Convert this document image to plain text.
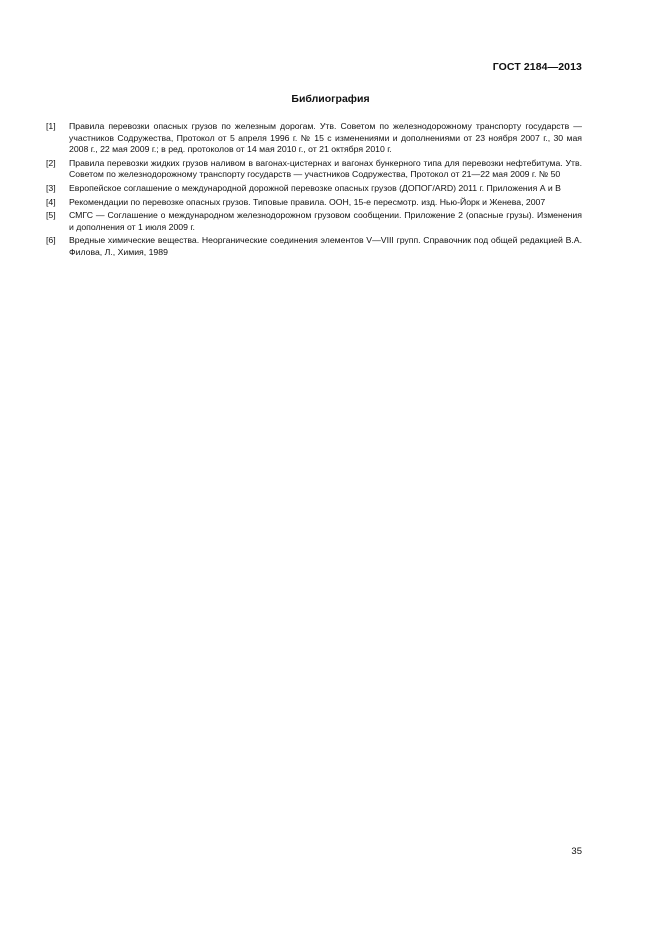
ГОСТ 2184—2013
Библиография
[1]	Правила перевозки опасных грузов по железным дорогам. Утв. Советом по железнодорожному транспорту государств — участников Содружества, Протокол от 5 апреля 1996 г. № 15 с изменениями и дополнениями от 23 ноября 2007 г., 30 мая 2008 г., 22 мая 2009 г.; в ред. протоколов от 14 мая 2010 г., от 21 октября 2010 г.
[2]	Правила перевозки жидких грузов наливом в вагонах-цистернах и вагонах бункерного типа для перевозки нефтебитума. Утв. Советом по железнодорожному транспорту государств — участников Содружества, Протокол от 21—22 мая 2009 г. № 50
[3]	Европейское соглашение о международной дорожной перевозке опасных грузов (ДОПОГ/ARD) 2011 г. Приложения А и В
[4]	Рекомендации по перевозке опасных грузов. Типовые правила. ООН, 15-е пересмотр. изд. Нью-Йорк и Женева, 2007
[5]	СМГС — Соглашение о международном железнодорожном грузовом сообщении. Приложение 2 (опасные грузы). Изменения и дополнения от 1 июля 2009 г.
[6]	Вредные химические вещества. Неорганические соединения элементов V—VIII групп. Справочник под общей редакцией В.А. Филова, Л., Химия, 1989
35
